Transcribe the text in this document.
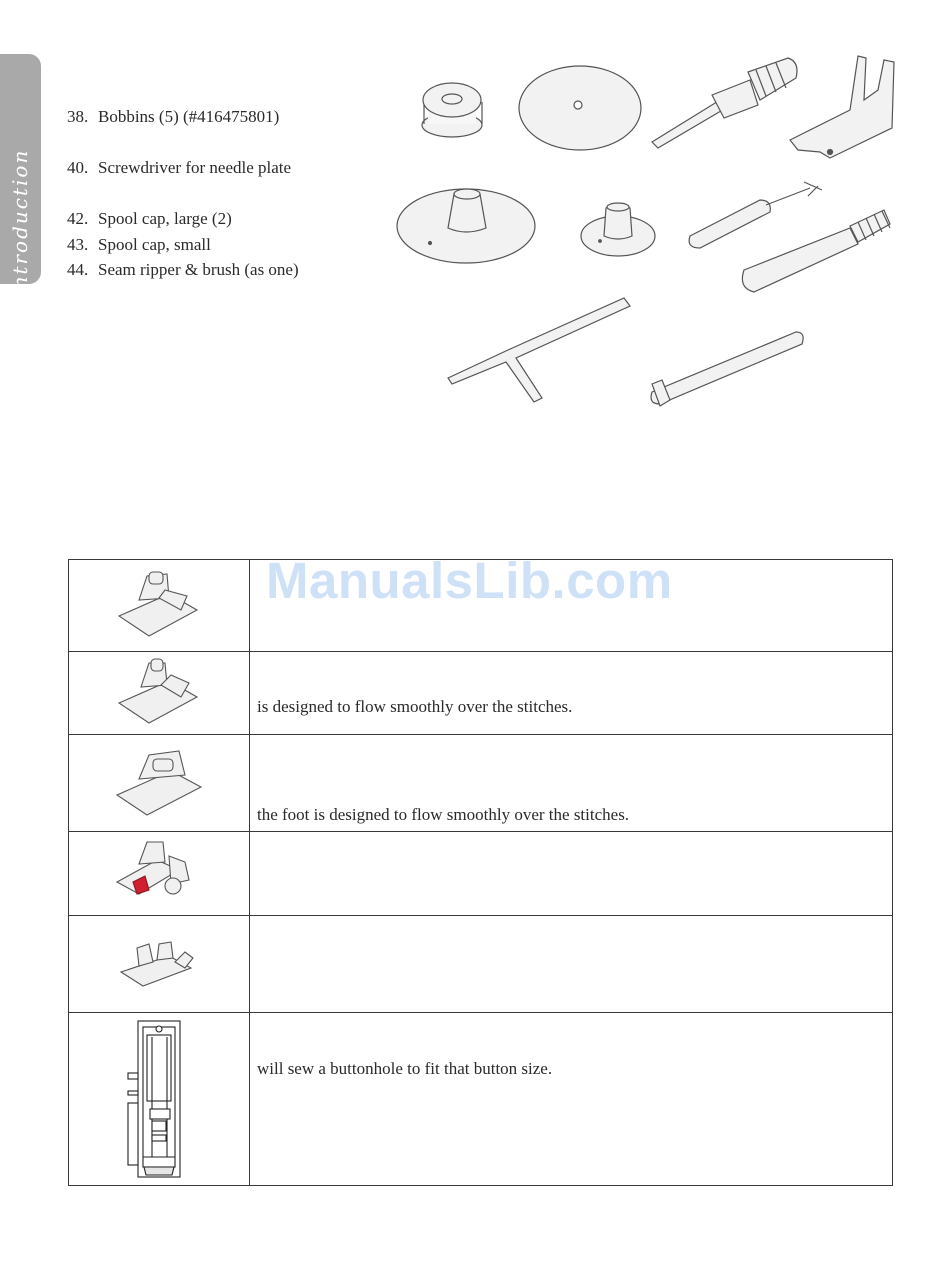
Introduction
38. Bobbins (5) (#416475801)
40. Screwdriver for needle plate
42. Spool cap, large (2)
43. Spool cap, small
44. Seam ripper & brush (as one)
ManualsLib.com

is designed to flow smoothly over the stitches.

the foot is designed to flow smoothly over the stitches.

will sew a buttonhole to fit that button size.
